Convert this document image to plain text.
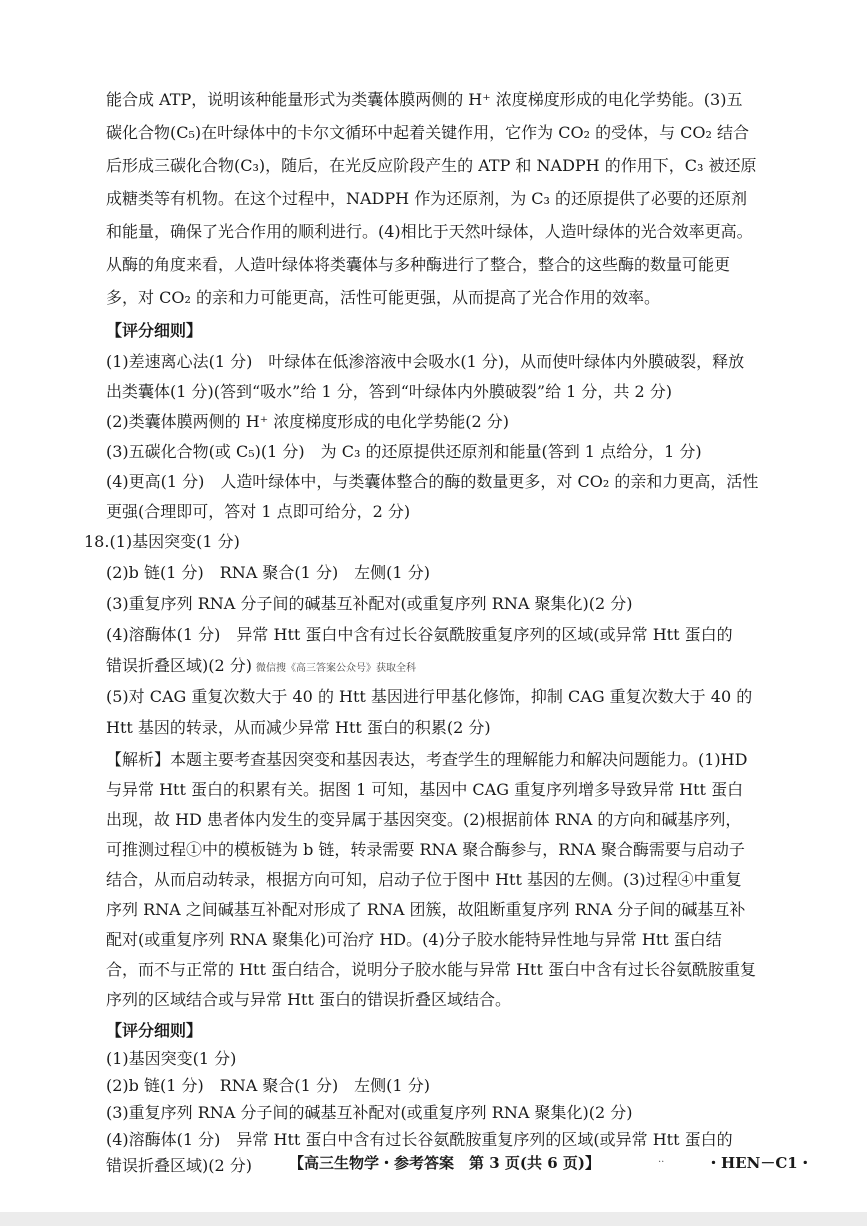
能合成 ATP，说明该种能量形式为类囊体膜两侧的 H⁺ 浓度梯度形成的电化学势能。(3)五
碳化合物(C₅)在叶绿体中的卡尔文循环中起着关键作用，它作为 CO₂ 的受体，与 CO₂ 结合
后形成三碳化合物(C₃)，随后，在光反应阶段产生的 ATP 和 NADPH 的作用下，C₃ 被还原
成糖类等有机物。在这个过程中，NADPH 作为还原剂，为 C₃ 的还原提供了必要的还原剂
和能量，确保了光合作用的顺利进行。(4)相比于天然叶绿体，人造叶绿体的光合效率更高。
从酶的角度来看，人造叶绿体将类囊体与多种酶进行了整合，整合的这些酶的数量可能更
多，对 CO₂ 的亲和力可能更高，活性可能更强，从而提高了光合作用的效率。
【评分细则】
(1)差速离心法(1 分)　叶绿体在低渗溶液中会吸水(1 分)，从而使叶绿体内外膜破裂，释放
出类囊体(1 分)(答到“吸水”给 1 分，答到“叶绿体内外膜破裂”给 1 分，共 2 分)
(2)类囊体膜两侧的 H⁺ 浓度梯度形成的电化学势能(2 分)
(3)五碳化合物(或 C₅)(1 分)　为 C₃ 的还原提供还原剂和能量(答到 1 点给分，1 分)
(4)更高(1 分)　人造叶绿体中，与类囊体整合的酶的数量更多，对 CO₂ 的亲和力更高，活性
更强(合理即可，答对 1 点即可给分，2 分)
18.(1)基因突变(1 分)
(2)b 链(1 分)　RNA 聚合(1 分)　左侧(1 分)
(3)重复序列 RNA 分子间的碱基互补配对(或重复序列 RNA 聚集化)(2 分)
(4)溶酶体(1 分)　异常 Htt 蛋白中含有过长谷氨酰胺重复序列的区域(或异常 Htt 蛋白的
错误折叠区域)(2 分) 微信搜《高三答案公众号》获取全科
(5)对 CAG 重复次数大于 40 的 Htt 基因进行甲基化修饰，抑制 CAG 重复次数大于 40 的
Htt 基因的转录，从而减少异常 Htt 蛋白的积累(2 分)
【解析】本题主要考查基因突变和基因表达，考查学生的理解能力和解决问题能力。(1)HD
与异常 Htt 蛋白的积累有关。据图 1 可知，基因中 CAG 重复序列增多导致异常 Htt 蛋白
出现，故 HD 患者体内发生的变异属于基因突变。(2)根据前体 RNA 的方向和碱基序列，
可推测过程①中的模板链为 b 链，转录需要 RNA 聚合酶参与，RNA 聚合酶需要与启动子
结合，从而启动转录，根据方向可知，启动子位于图中 Htt 基因的左侧。(3)过程④中重复
序列 RNA 之间碱基互补配对形成了 RNA 团簇，故阻断重复序列 RNA 分子间的碱基互补
配对(或重复序列 RNA 聚集化)可治疗 HD。(4)分子胶水能特异性地与异常 Htt 蛋白结
合，而不与正常的 Htt 蛋白结合，说明分子胶水能与异常 Htt 蛋白中含有过长谷氨酰胺重复
序列的区域结合或与异常 Htt 蛋白的错误折叠区域结合。
【评分细则】
(1)基因突变(1 分)
(2)b 链(1 分)　RNA 聚合(1 分)　左侧(1 分)
(3)重复序列 RNA 分子间的碱基互补配对(或重复序列 RNA 聚集化)(2 分)
(4)溶酶体(1 分)　异常 Htt 蛋白中含有过长谷氨酰胺重复序列的区域(或异常 Htt 蛋白的
错误折叠区域)(2 分) 【高三生物学・参考答案　第 3 页(共 6 页)】	..	・HEN－C1・
